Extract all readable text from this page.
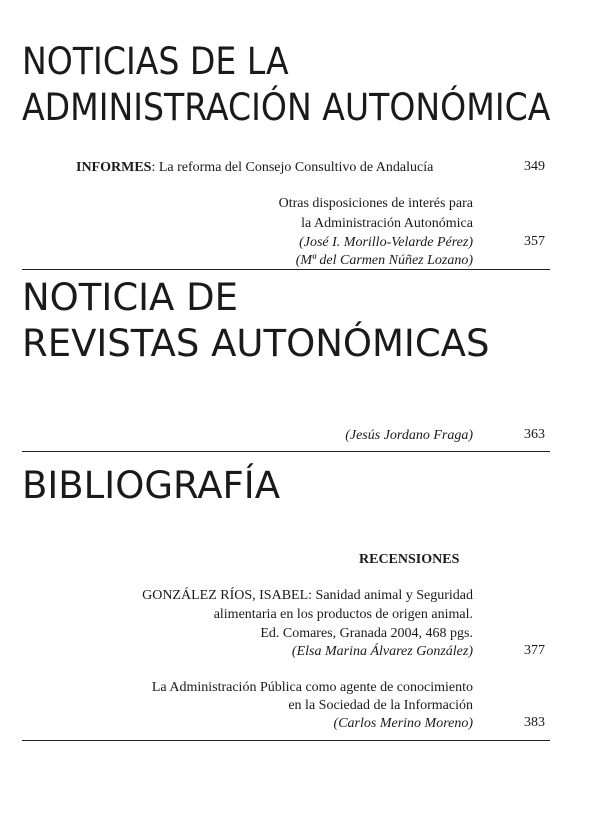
NOTICIAS DE LA
ADMINISTRACIÓN AUTONÓMICA
INFORMES: La reforma del Consejo Consultivo de Andalucía	349
Otras disposiciones de interés para
la Administración Autonómica
(José I. Morillo-Velarde Pérez)	357
(Mª del Carmen Núñez Lozano)
NOTICIA DE
REVISTAS AUTONÓMICAS
(Jesús Jordano Fraga)	363
BIBLIOGRAFÍA
RECENSIONES
GONZÁLEZ RÍOS, ISABEL: Sanidad animal y Seguridad
alimentaria en los productos de origen animal.
Ed. Comares, Granada 2004, 468 pgs.
(Elsa Marina Álvarez González)	377
La Administración Pública como agente de conocimiento
en la Sociedad de la Información
(Carlos Merino Moreno)	383
